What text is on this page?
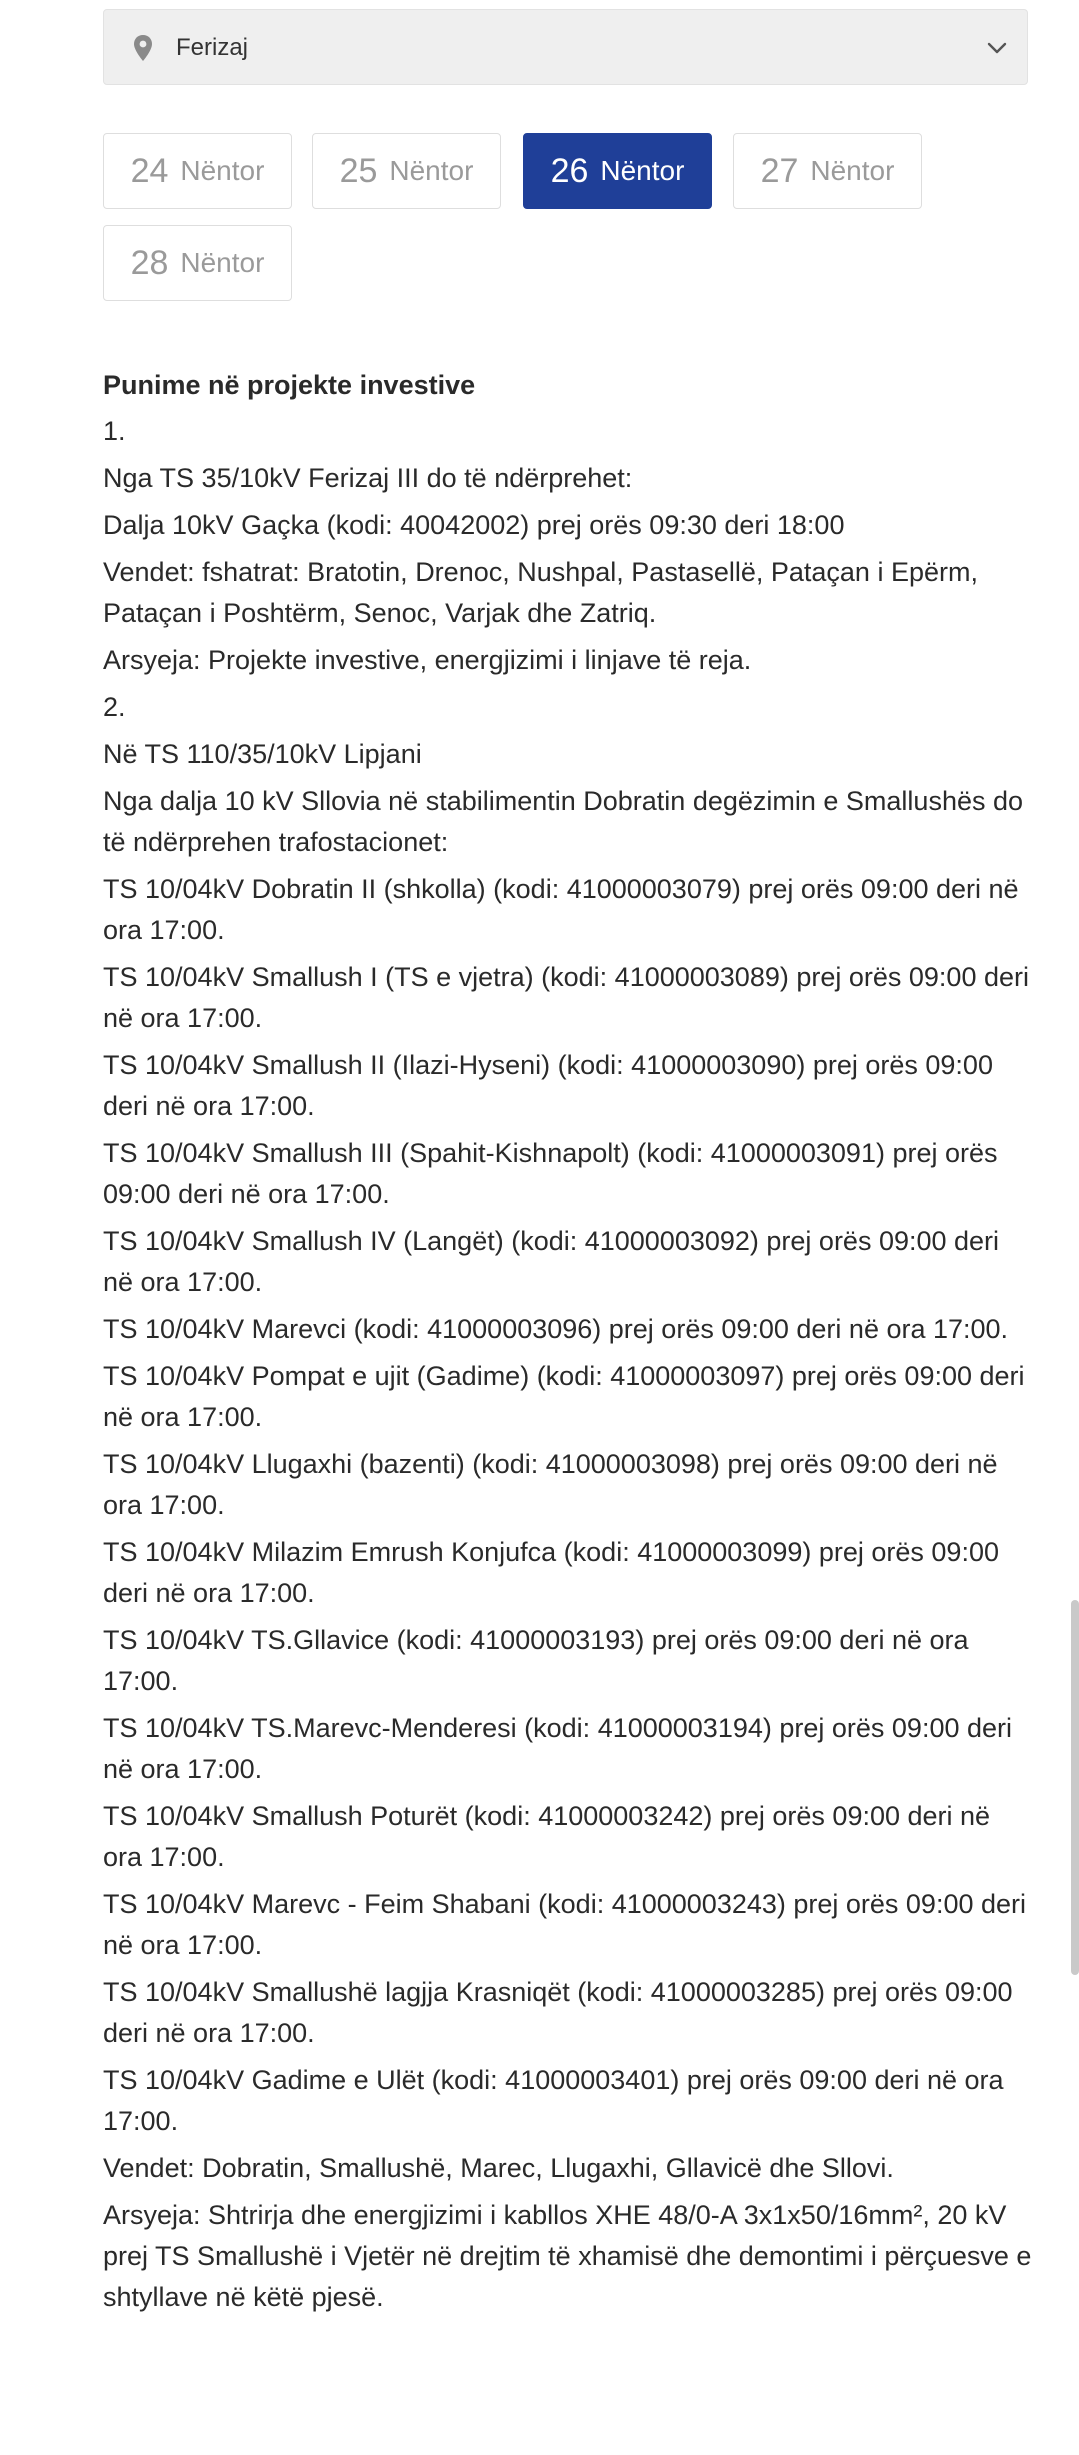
Ferizaj
24 Nëntor 25 Nëntor 26 Nëntor 27 Nëntor
28 Nëntor
Punime në projekte investive

1.

Nga TS 35/10kV Ferizaj III do të ndërprehet:

Dalja 10kV Gaçka (kodi: 40042002) prej orës 09:30 deri 18:00

Vendet: fshatrat: Bratotin, Drenoc, Nushpal, Pastasellë, Pataçan i Epërm, Pataçan i Poshtërm, Senoc, Varjak dhe Zatriq.

Arsyeja: Projekte investive, energjizimi i linjave të reja.

2.

Në TS 110/35/10kV Lipjani

Nga dalja 10 kV Sllovia në stabilimentin Dobratin degëzimin e Smallushës do të ndërprehen trafostacionet:

TS 10/04kV Dobratin II (shkolla) (kodi: 41000003079) prej orës 09:00 deri në ora 17:00.

TS 10/04kV Smallush I (TS e vjetra) (kodi: 41000003089) prej orës 09:00 deri në ora 17:00.

TS 10/04kV Smallush II (Ilazi-Hyseni) (kodi: 41000003090) prej orës 09:00 deri në ora 17:00.

TS 10/04kV Smallush III (Spahit-Kishnapolt) (kodi: 41000003091) prej orës 09:00 deri në ora 17:00.

TS 10/04kV Smallush IV (Langët) (kodi: 41000003092) prej orës 09:00 deri në ora 17:00.

TS 10/04kV Marevci (kodi: 41000003096) prej orës 09:00 deri në ora 17:00.

TS 10/04kV Pompat e ujit (Gadime) (kodi: 41000003097) prej orës 09:00 deri në ora 17:00.

TS 10/04kV Llugaxhi (bazenti) (kodi: 41000003098) prej orës 09:00 deri në ora 17:00.

TS 10/04kV Milazim Emrush Konjufca (kodi: 41000003099) prej orës 09:00 deri në ora 17:00.

TS 10/04kV TS.Gllavice (kodi: 41000003193) prej orës 09:00 deri në ora 17:00.

TS 10/04kV TS.Marevc-Menderesi (kodi: 41000003194) prej orës 09:00 deri në ora 17:00.

TS 10/04kV Smallush Poturët (kodi: 41000003242) prej orës 09:00 deri në ora 17:00.

TS 10/04kV Marevc - Feim Shabani (kodi: 41000003243) prej orës 09:00 deri në ora 17:00.

TS 10/04kV Smallushë lagjja Krasniqët (kodi: 41000003285) prej orës 09:00 deri në ora 17:00.

TS 10/04kV Gadime e Ulët (kodi: 41000003401) prej orës 09:00 deri në ora 17:00.

Vendet: Dobratin, Smallushë, Marec, Llugaxhi, Gllavicë dhe Sllovi.

Arsyeja: Shtrirja dhe energjizimi i kabllos XHE 48/0-A 3x1x50/16mm², 20 kV prej TS Smallushë i Vjetër në drejtim të xhamisë dhe demontimi i përçuesve e shtyllave në këtë pjesë.
